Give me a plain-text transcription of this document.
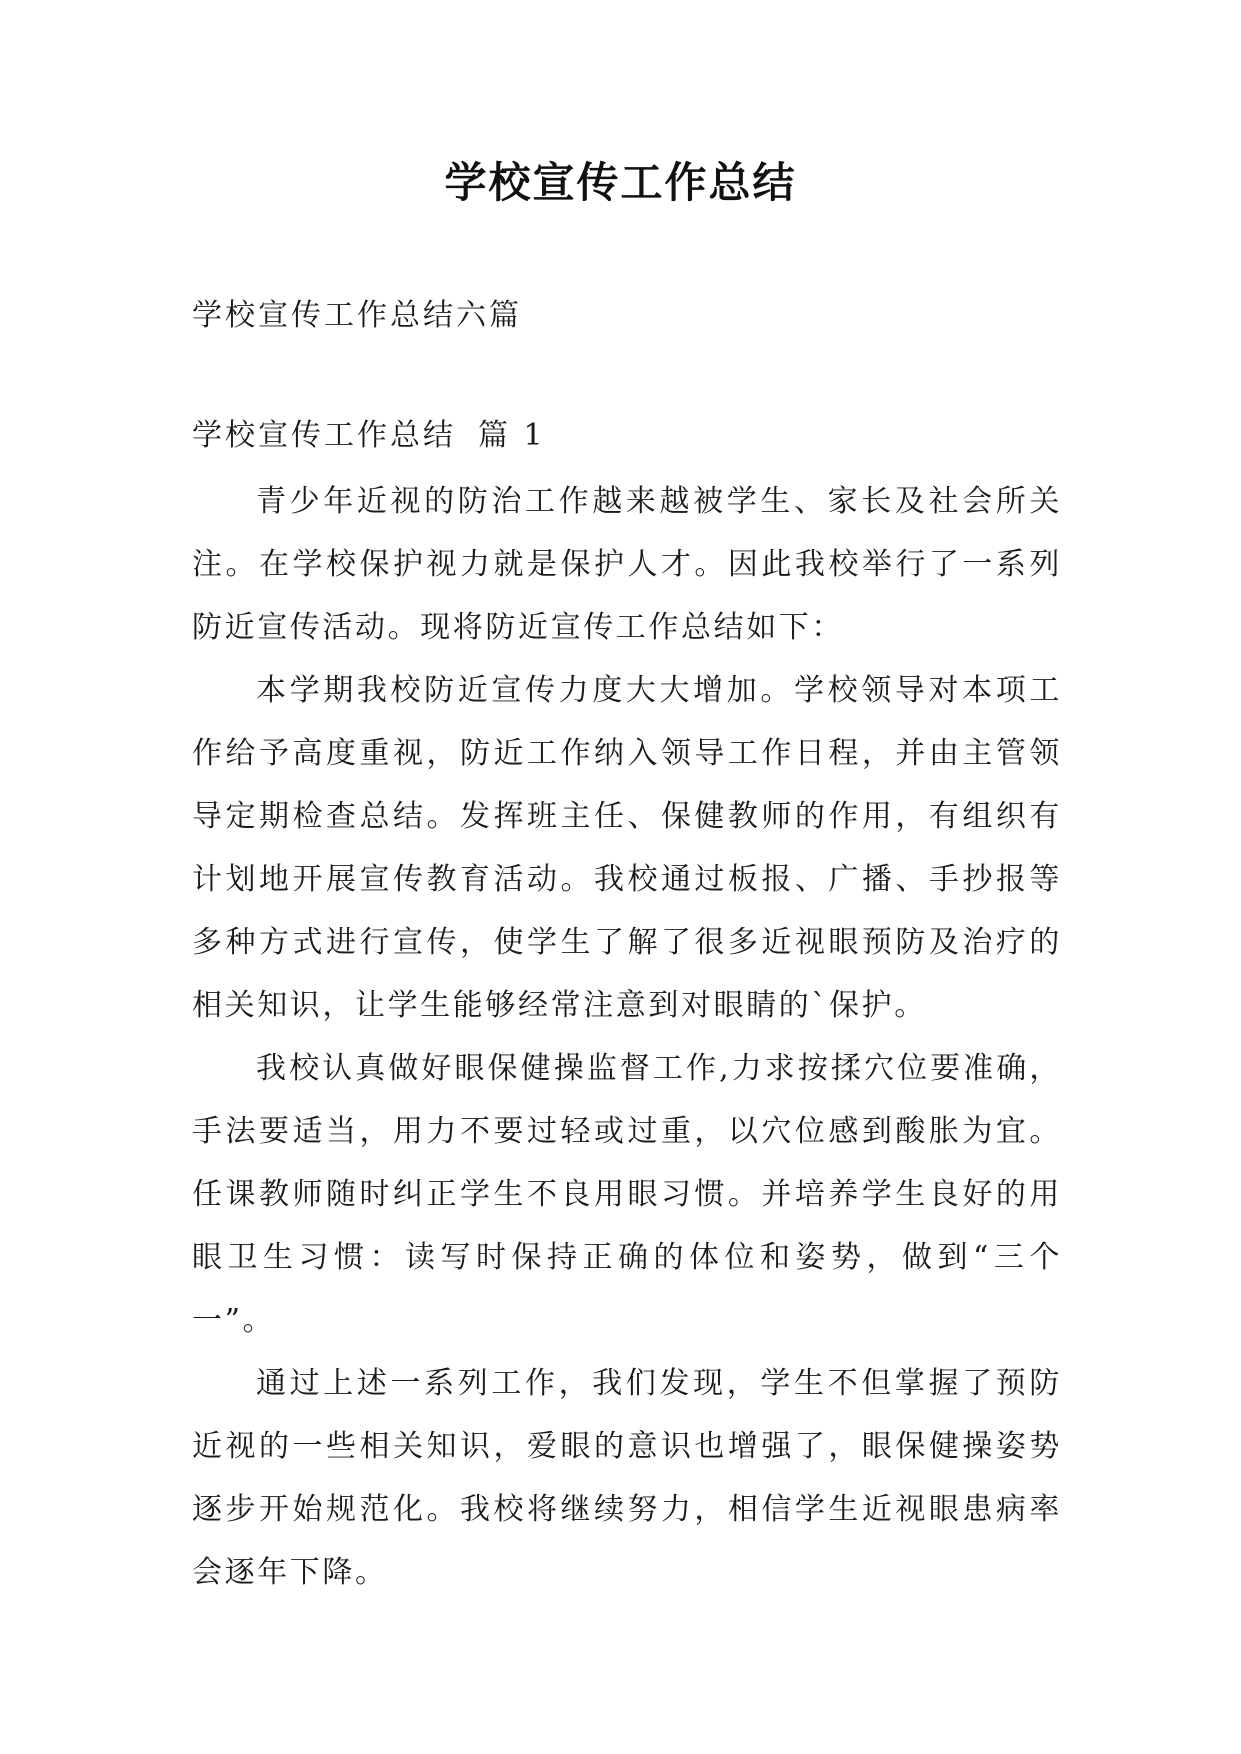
学校宣传工作总结
学校宣传工作总结六篇
学校宣传工作总结 篇 1

青少年近视的防治工作越来越被学生、家长及社会所关注。在学校保护视力就是保护人才。因此我校举行了一系列防近宣传活动。现将防近宣传工作总结如下：

本学期我校防近宣传力度大大增加。学校领导对本项工作给予高度重视，防近工作纳入领导工作日程，并由主管领导定期检查总结。发挥班主任、保健教师的作用，有组织有计划地开展宣传教育活动。我校通过板报、广播、手抄报等多种方式进行宣传，使学生了解了很多近视眼预防及治疗的相关知识，让学生能够经常注意到对眼睛的`保护。

我校认真做好眼保健操监督工作,力求按揉穴位要准确，手法要适当，用力不要过轻或过重，以穴位感到酸胀为宜。任课教师随时纠正学生不良用眼习惯。并培养学生良好的用眼卫生习惯：读写时保持正确的体位和姿势，做到“三个一”。

通过上述一系列工作，我们发现，学生不但掌握了预防近视的一些相关知识，爱眼的意识也增强了，眼保健操姿势逐步开始规范化。我校将继续努力，相信学生近视眼患病率会逐年下降。
